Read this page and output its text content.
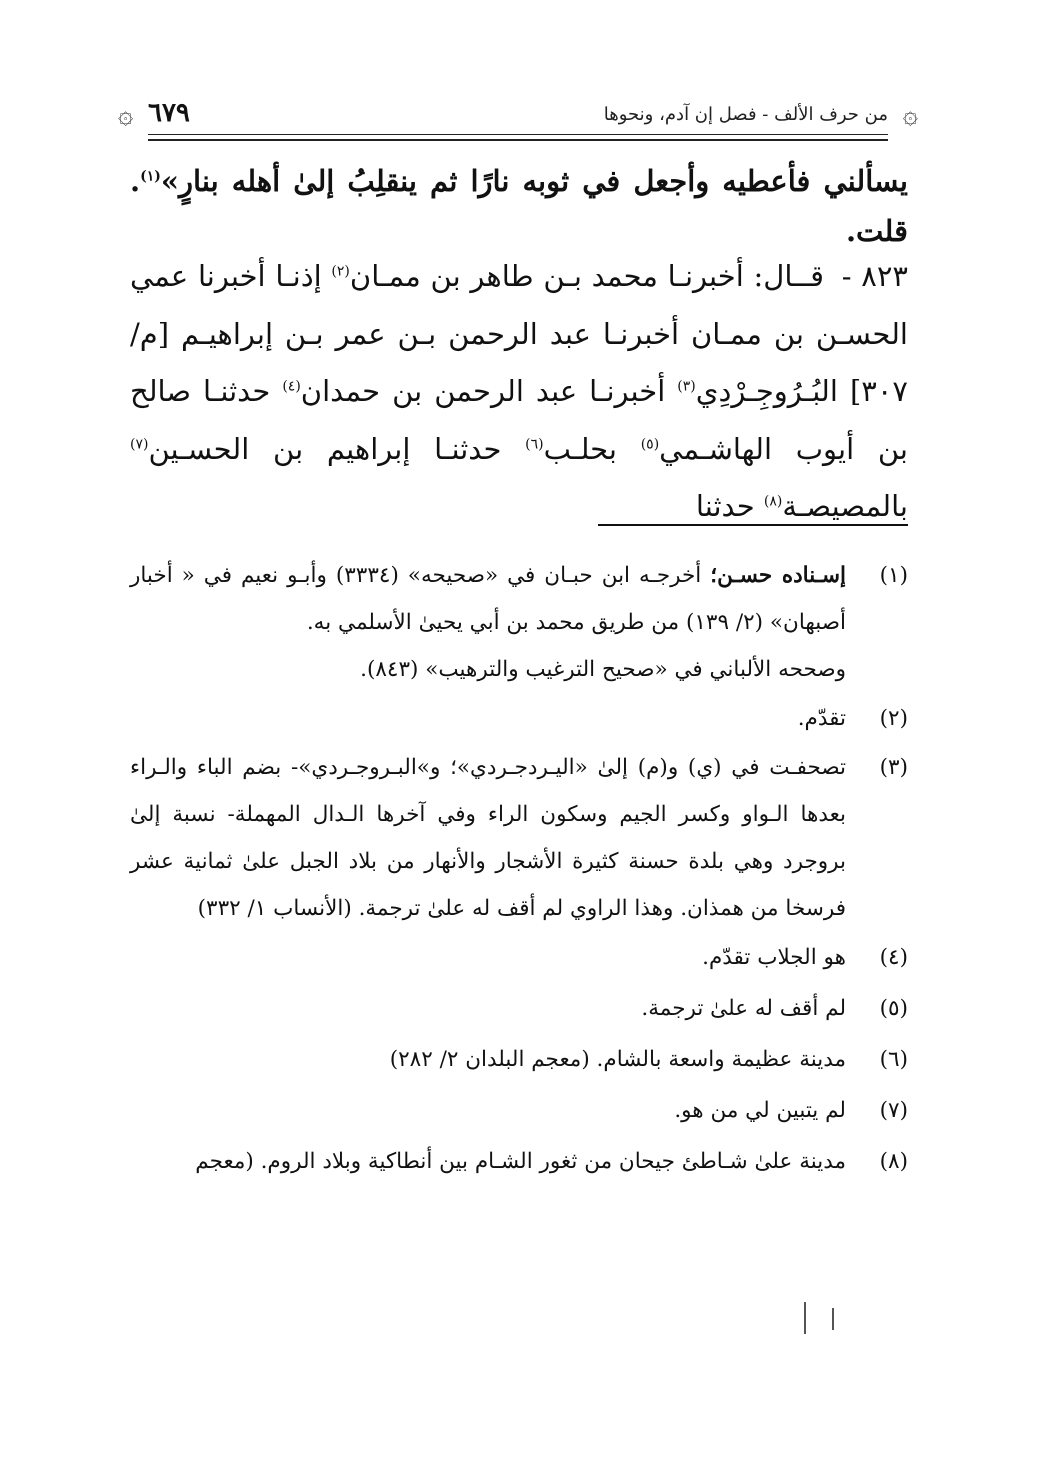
۞
من حرف الألف - فصل إن آدم، ونحوها
٦٧٩
۞
يسألني فأعطيه وأجعل في ثوبه نارًا ثم ينقلِبُ إلىٰ أهله بنارٍ»$^{(١)}$. قلت.

٨٢٣ - قــال: أخبرنـا محمد بـن طاهر بن ممـان$^{(٢)}$ إذنـا أخبرنا عمي الحسـن بن ممـان أخبرنـا عبد الرحمن بـن عمر بـن إبراهيـم [م/ ٣٠٧] البُـرُوجِـرْدِي$^{(٣)}$ أخبرنـا عبد الرحمن بن حمدان$^{(٤)}$ حدثنـا صالح بن أيوب الهاشـمي$^{(٥)}$ بحلـب$^{(٦)}$ حدثنـا إبراهيم بن الحسـين$^{(٧)}$ بالمصيصـة$^{(٨)}$ حدثنا

(١)

إسـناده حسـن؛ أخرجـه ابن حبـان في «صحيحه» (٣٣٣٤) وأبـو نعيم في « أخبار أصبهان» (٢/ ١٣٩) من طريق محمد بن أبي يحيىٰ الأسلمي به.

وصححه الألباني في «صحيح الترغيب والترهيب» (٨٤٣).

(٢)

تقدّم.

(٣)

تصحفـت في (ي) و(م) إلىٰ «اليـردجـردي»؛ و»البـروجـردي»- بضم الباء والـراء بعدها الـواو وكسر الجيم وسكون الراء وفي آخرها الـدال المهملة- نسبة إلىٰ بروجرد وهي بلدة حسنة كثيرة الأشجار والأنهار من بلاد الجبل علىٰ ثمانية عشر فرسخا من همذان. وهذا الراوي لم أقف له علىٰ ترجمة. (الأنساب ١/ ٣٣٢)

(٤)

هو الجلاب تقدّم.

(٥)

لم أقف له علىٰ ترجمة.

(٦)

مدينة عظيمة واسعة بالشام. (معجم البلدان ٢/ ٢٨٢)

(٧)

لم يتبين لي من هو.

(٨)

مدينة علىٰ شـاطئ جيحان من ثغور الشـام بين أنطاكية وبلاد الروم. (معجم
